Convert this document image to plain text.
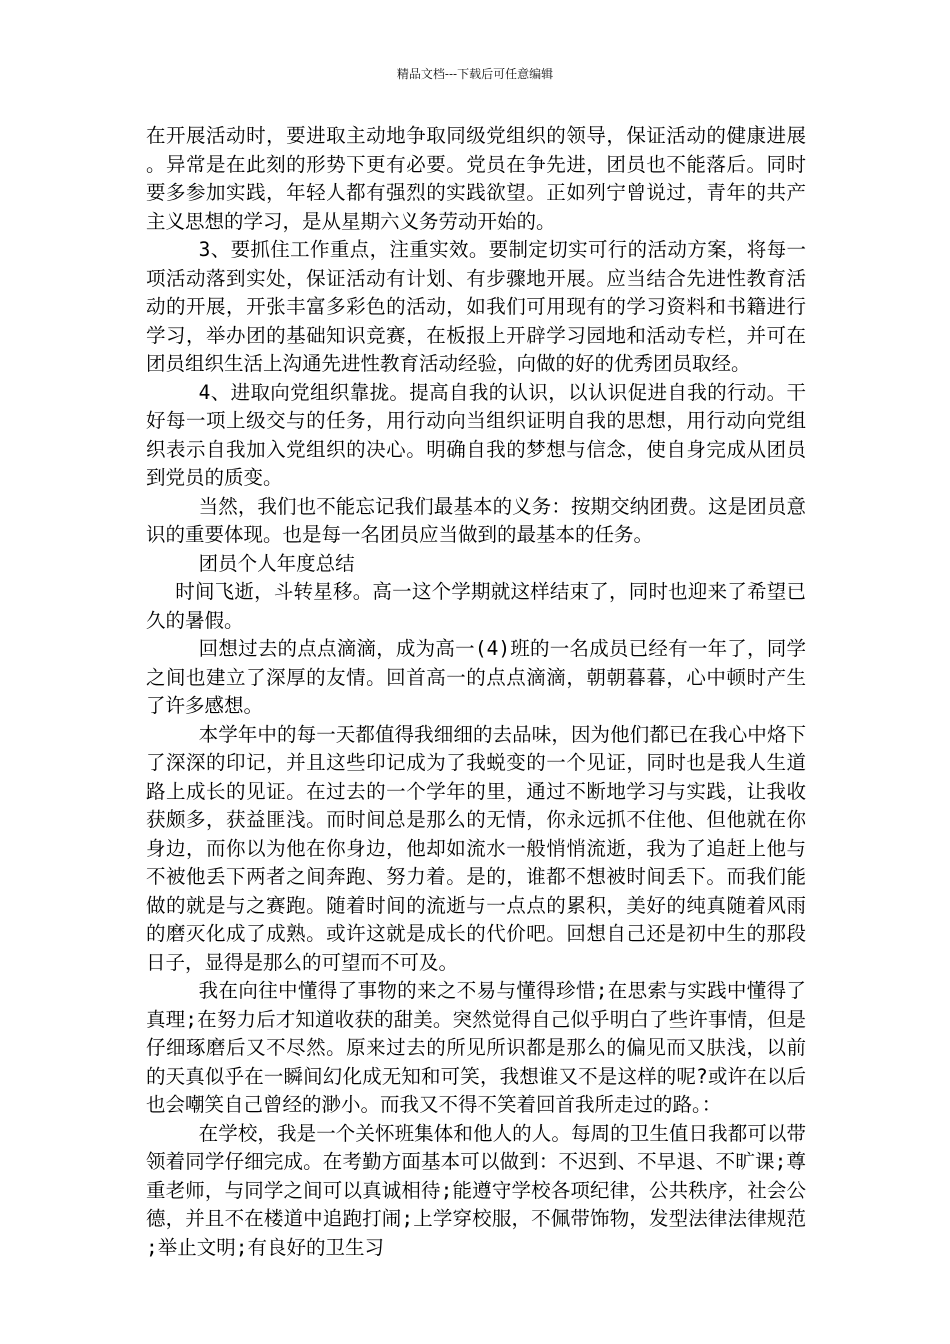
精品文档---下载后可任意编辑

在开展活动时，要进取主动地争取同级党组织的领导，保证活动的健康进展。异常是在此刻的形势下更有必要。党员在争先进，团员也不能落后。同时要多参加实践，年轻人都有强烈的实践欲望。正如列宁曾说过，青年的共产主义思想的学习，是从星期六义务劳动开始的。

3、要抓住工作重点，注重实效。要制定切实可行的活动方案，将每一项活动落到实处，保证活动有计划、有步骤地开展。应当结合先进性教育活动的开展，开张丰富多彩色的活动，如我们可用现有的学习资料和书籍进行学习，举办团的基础知识竞赛，在板报上开辟学习园地和活动专栏，并可在团员组织生活上沟通先进性教育活动经验，向做的好的优秀团员取经。

4、进取向党组织靠拢。提高自我的认识，以认识促进自我的行动。干好每一项上级交与的任务，用行动向当组织证明自我的思想，用行动向党组织表示自我加入党组织的决心。明确自我的梦想与信念，使自身完成从团员到党员的质变。

当然，我们也不能忘记我们最基本的义务：按期交纳团费。这是团员意识的重要体现。也是每一名团员应当做到的最基本的任务。

团员个人年度总结

时间飞逝，斗转星移。高一这个学期就这样结束了，同时也迎来了希望已久的暑假。

回想过去的点点滴滴，成为高一(4)班的一名成员已经有一年了，同学之间也建立了深厚的友情。回首高一的点点滴滴，朝朝暮暮，心中顿时产生了许多感想。

本学年中的每一天都值得我细细的去品味，因为他们都已在我心中烙下了深深的印记，并且这些印记成为了我蜕变的一个见证，同时也是我人生道路上成长的见证。在过去的一个学年的里，通过不断地学习与实践，让我收获颇多，获益匪浅。而时间总是那么的无情，你永远抓不住他、但他就在你身边，而你以为他在你身边，他却如流水一般悄悄流逝，我为了追赶上他与不被他丢下两者之间奔跑、努力着。是的，谁都不想被时间丢下。而我们能做的就是与之赛跑。随着时间的流逝与一点点的累积，美好的纯真随着风雨的磨灭化成了成熟。或许这就是成长的代价吧。回想自己还是初中生的那段日子，显得是那么的可望而不可及。

我在向往中懂得了事物的来之不易与懂得珍惜;在思索与实践中懂得了真理;在努力后才知道收获的甜美。突然觉得自己似乎明白了些许事情，但是仔细琢磨后又不尽然。原来过去的所见所识都是那么的偏见而又肤浅，以前的天真似乎在一瞬间幻化成无知和可笑，我想谁又不是这样的呢?或许在以后也会嘲笑自己曾经的渺小。而我又不得不笑着回首我所走过的路。：

在学校，我是一个关怀班集体和他人的人。每周的卫生值日我都可以带领着同学仔细完成。在考勤方面基本可以做到：不迟到、不早退、不旷课;尊重老师，与同学之间可以真诚相待;能遵守学校各项纪律，公共秩序，社会公德，并且不在楼道中追跑打闹;上学穿校服，不佩带饰物，发型法律法律规范;举止文明;有良好的卫生习
